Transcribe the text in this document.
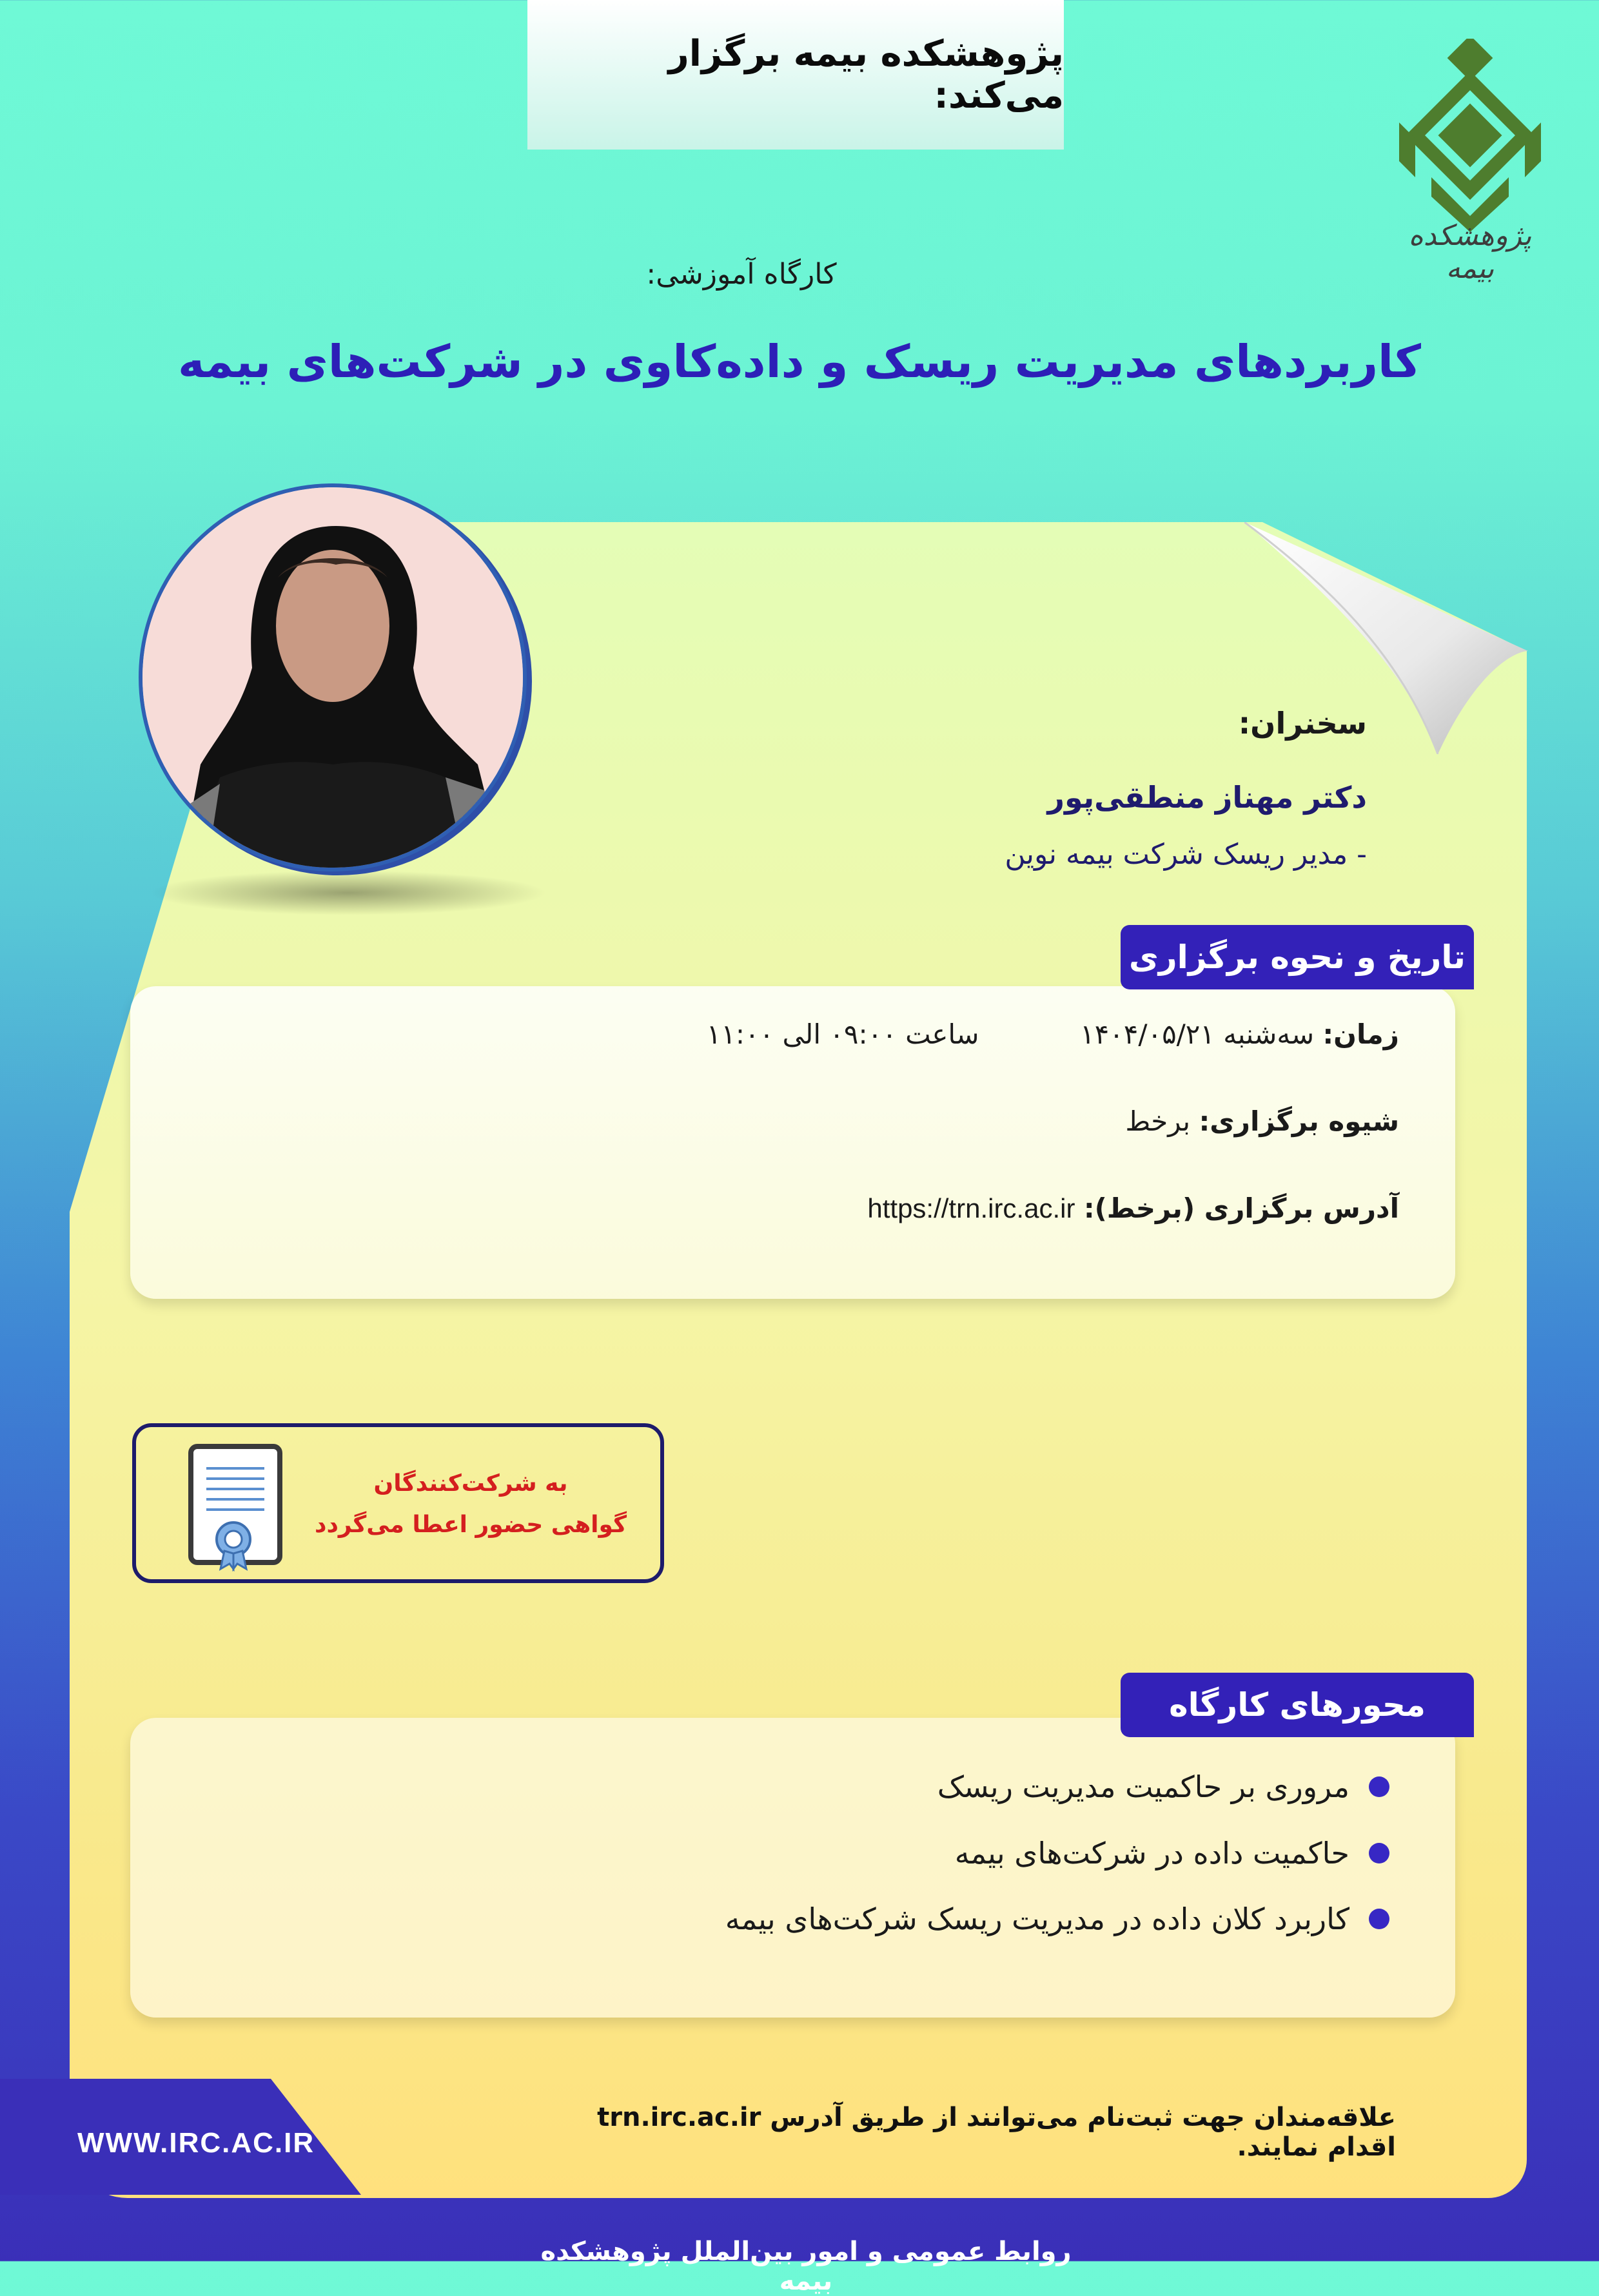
پژوهشکده بیمه برگزار می‌کند:
پژوهشکده بیمه
کارگاه آموزشی:
کاربردهای مدیریت ریسک و داده‌کاوی در شرکت‌های بیمه
سخنران:
دکتر مهناز منطقی‌پور
- مدیر ریسک شرکت بیمه نوین
تاریخ و نحوه برگزاری
زمان: سه‌شنبه ۱۴۰۴/۰۵/۲۱  ساعت ۰۹:۰۰ الی ۱۱:۰۰
شیوه برگزاری: برخط
آدرس برگزاری (برخط): https://trn.irc.ac.ir
به شرکت‌کنندگان
گواهی حضور اعطا می‌گردد
محورهای کارگاه
مروری بر حاکمیت مدیریت ریسک
حاکمیت داده در شرکت‌های بیمه
کاربرد کلان داده در مدیریت ریسک شرکت‌های بیمه
علاقه‌مندان جهت ثبت‌نام می‌توانند از طریق آدرس trn.irc.ac.ir اقدام نمایند.
WWW.IRC.AC.IR
روابط عمومی و امور بین‌الملل پژوهشکده بیمه
